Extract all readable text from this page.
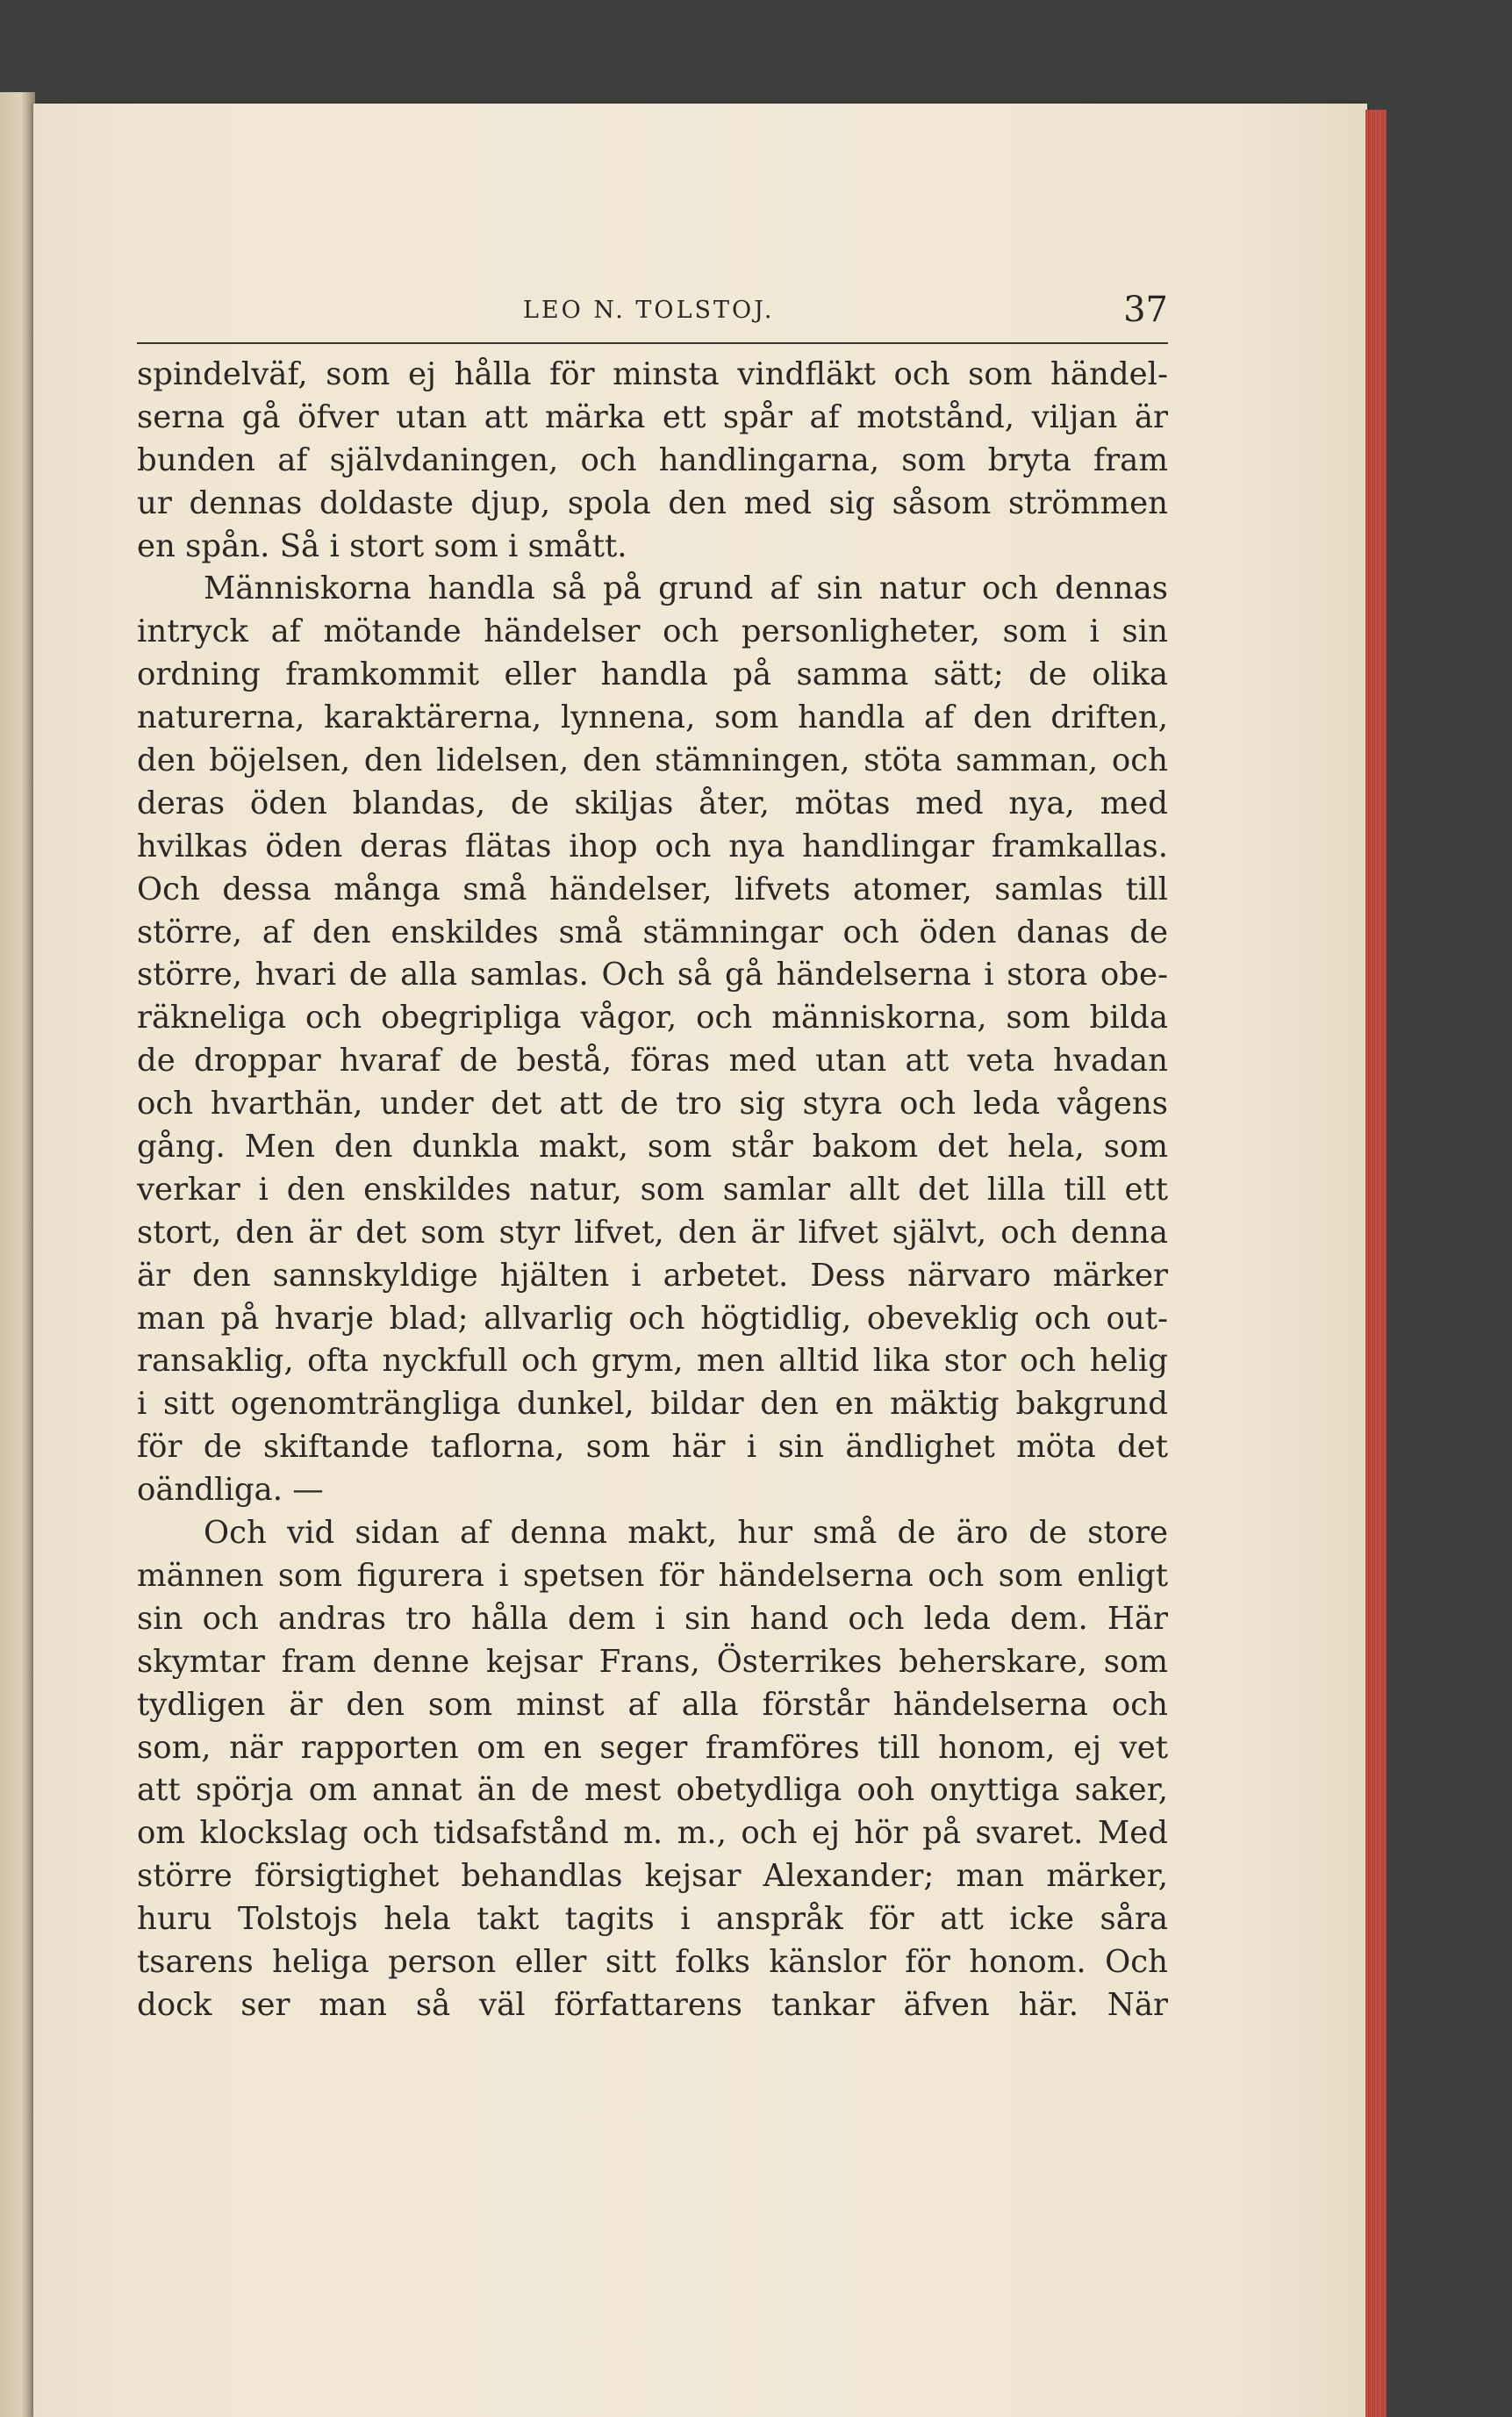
LEO N. TOLSTOJ.	37
spindelväf, som ej hålla för minsta vindfläkt och som händel-
serna gå öfver utan att märka ett spår af motstånd, viljan är
bunden af självdaningen, och handlingarna, som bryta fram
ur dennas doldaste djup, spola den med sig såsom strömmen
en spån. Så i stort som i smått.
Människorna handla så på grund af sin natur och dennas
intryck af mötande händelser och personligheter, som i sin
ordning framkommit eller handla på samma sätt; de olika
naturerna, karaktärerna, lynnena, som handla af den driften,
den böjelsen, den lidelsen, den stämningen, stöta samman, och
deras öden blandas, de skiljas åter, mötas med nya, med
hvilkas öden deras flätas ihop och nya handlingar framkallas.
Och dessa många små händelser, lifvets atomer, samlas till
större, af den enskildes små stämningar och öden danas de
större, hvari de alla samlas. Och så gå händelserna i stora obe-
räkneliga och obegripliga vågor, och människorna, som bilda
de droppar hvaraf de bestå, föras med utan att veta hvadan
och hvarthän, under det att de tro sig styra och leda vågens
gång. Men den dunkla makt, som står bakom det hela, som
verkar i den enskildes natur, som samlar allt det lilla till ett
stort, den är det som styr lifvet, den är lifvet självt, och denna
är den sannskyldige hjälten i arbetet. Dess närvaro märker
man på hvarje blad; allvarlig och högtidlig, obeveklig och out-
ransaklig, ofta nyckfull och grym, men alltid lika stor och helig
i sitt ogenomträngliga dunkel, bildar den en mäktig bakgrund
för de skiftande taflorna, som här i sin ändlighet möta det
oändliga. —
Och vid sidan af denna makt, hur små de äro de store
männen som figurera i spetsen för händelserna och som enligt
sin och andras tro hålla dem i sin hand och leda dem. Här
skymtar fram denne kejsar Frans, Österrikes beherskare, som
tydligen är den som minst af alla förstår händelserna och
som, när rapporten om en seger framföres till honom, ej vet
att spörja om annat än de mest obetydliga ooh onyttiga saker,
om klockslag och tidsafstånd m. m., och ej hör på svaret. Med
större försigtighet behandlas kejsar Alexander; man märker,
huru Tolstojs hela takt tagits i anspråk för att icke såra
tsarens heliga person eller sitt folks känslor för honom. Och
dock ser man så väl författarens tankar äfven här. När
